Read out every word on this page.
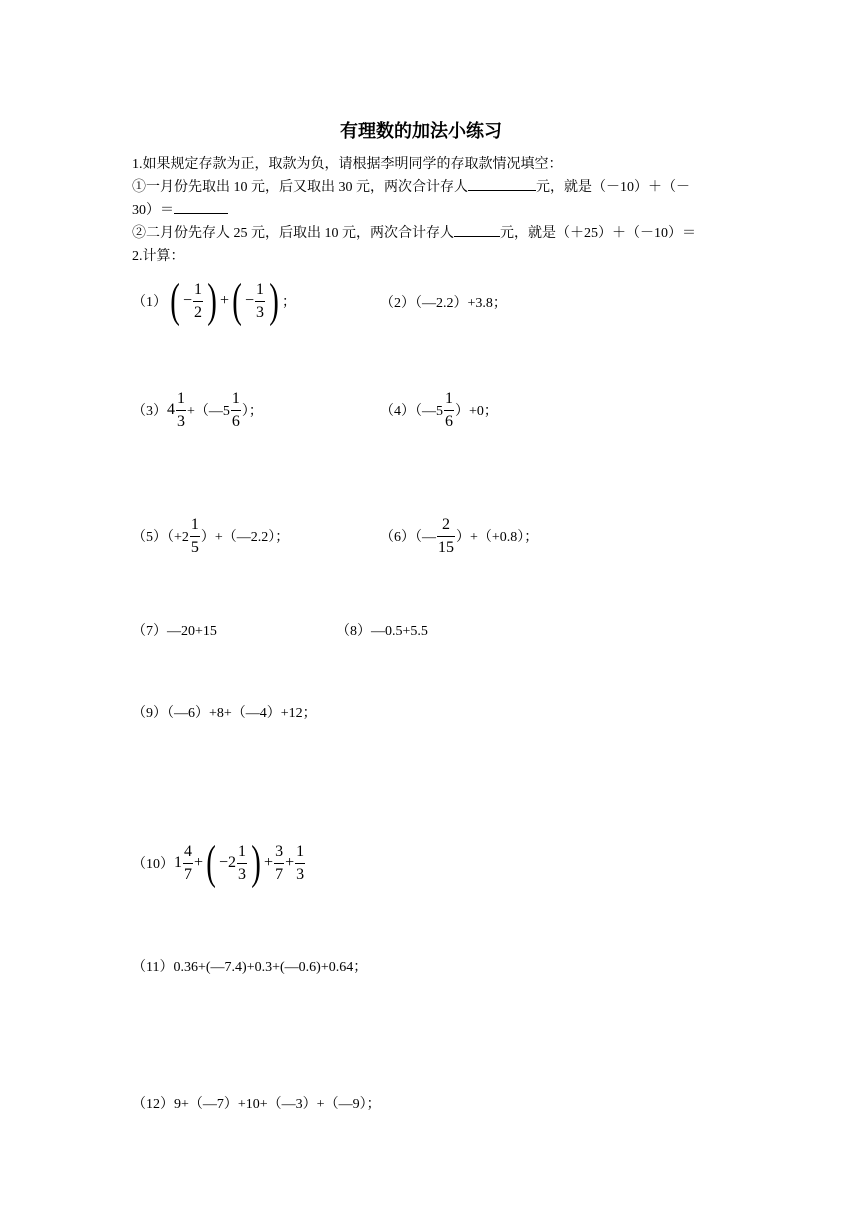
有理数的加法小练习
1.如果规定存款为正，取款为负，请根据李明同学的存取款情况填空：
①一月份先取出 10 元，后又取出 30 元，两次合计存人	元，就是（－10）＋（－
30）＝
②二月份先存人 25 元，后取出 10 元，两次合计存人	元，就是（＋25）＋（－10）＝
2.计算：
（1） ( − $\frac{1}{2}$ ) + ( − $\frac{1}{3}$ ) ；	（2）（—2.2）+3.8；
（3） $4 \frac{1}{3}$ +（—5 $\frac{1}{6}$ ）；	（4）（—5 $\frac{1}{6} )+0$；
$(5)(+2 \frac{1}{5}$ ）+（—2.2）；	（6）（— $\frac{2}{15} )+(+0.8)$；
（7）—20+15	（8）—0.5+5.5
（9）（—6）+8+（—4）+12；
（10） $1 \frac{4}{7}$ + ( − $2 \frac{1}{3}$ ) + $\frac{3}{7} + \frac{1}{3}$
（11）0.36+(—7.4)+0.3+(—0.6)+0.64；
（12）9+（—7）+10+（—3）+（—9）；
